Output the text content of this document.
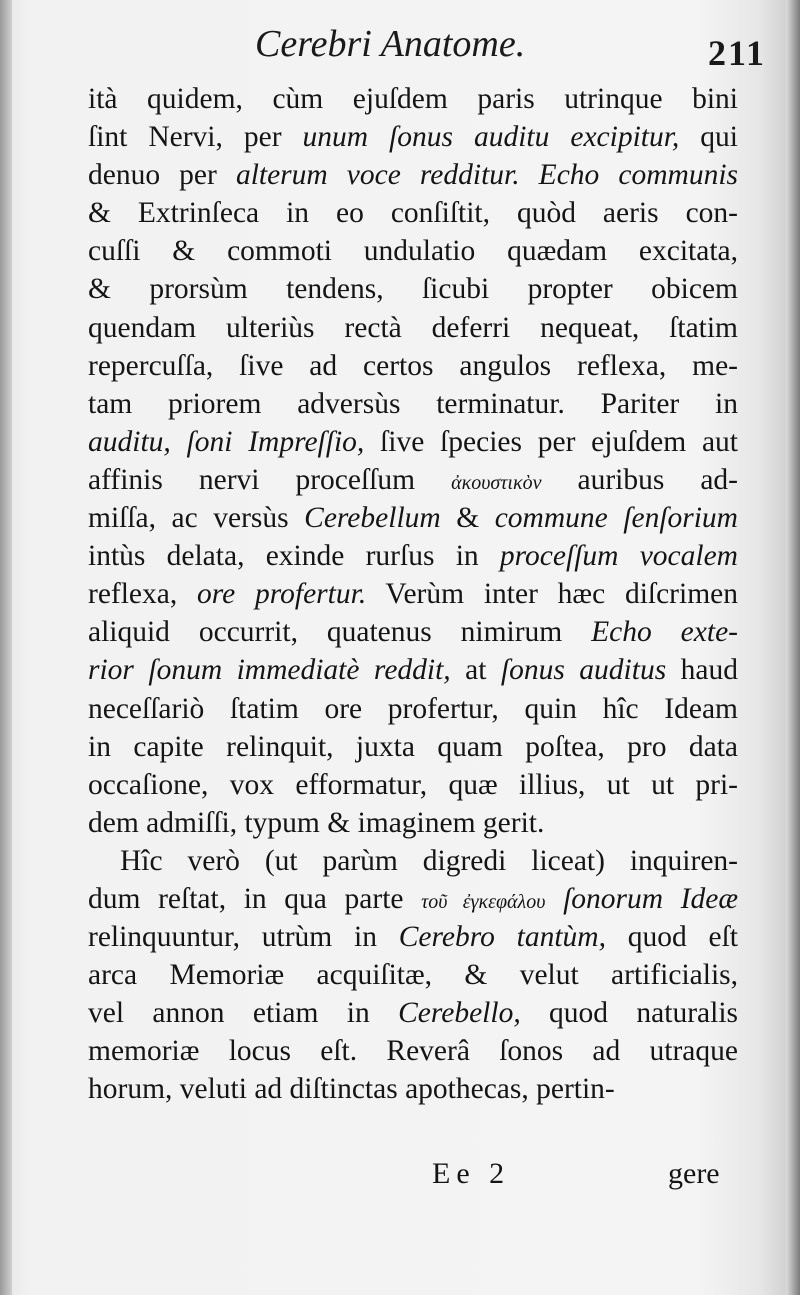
Cerebri Anatome.	211
ità quidem, cùm ejuſdem paris utrinque bini
ſint Nervi, per unum ſonus auditu excipitur, qui
denuo per alterum voce redditur. Echo communis
& Extrinſeca in eo conſiſtit, quòd aeris con-
cuſſi & commoti undulatio quædam excitata,
& prorsùm tendens, ſicubi propter obicem
quendam ulteriùs rectà deferri nequeat, ſtatim
repercuſſa, ſive ad certos angulos reflexa, me-
tam priorem adversùs terminatur. Pariter in
auditu, ſoni Impreſſio, ſive ſpecies per ejuſdem aut
affinis nervi proceſſum ἀκουστικὸν auribus ad-
miſſa, ac versùs Cerebellum & commune ſenſorium
intùs delata, exinde rurſus in proceſſum vocalem
reflexa, ore profertur. Verùm inter hæc diſcrimen
aliquid occurrit, quatenus nimirum Echo exte-
rior ſonum immediatè reddit, at ſonus auditus haud
neceſſariò ſtatim ore profertur, quin hîc Ideam
in capite relinquit, juxta quam poſtea, pro data
occaſione, vox efformatur, quæ illius, ut ut pri-
dem admiſſi, typum & imaginem gerit.
Hîc verò (ut parùm digredi liceat) inquiren-
dum reſtat, in qua parte τοῦ ἐγκεφάλου ſonorum Ideæ
relinquuntur, utrùm in Cerebro tantùm, quod eſt
arca Memoriæ acquiſitæ, & velut artificialis,
vel annon etiam in Cerebello, quod naturalis
memoriæ locus eſt. Reverâ ſonos ad utraque
horum, veluti ad diſtinctas apothecas, pertin-
Ee 2	gere
